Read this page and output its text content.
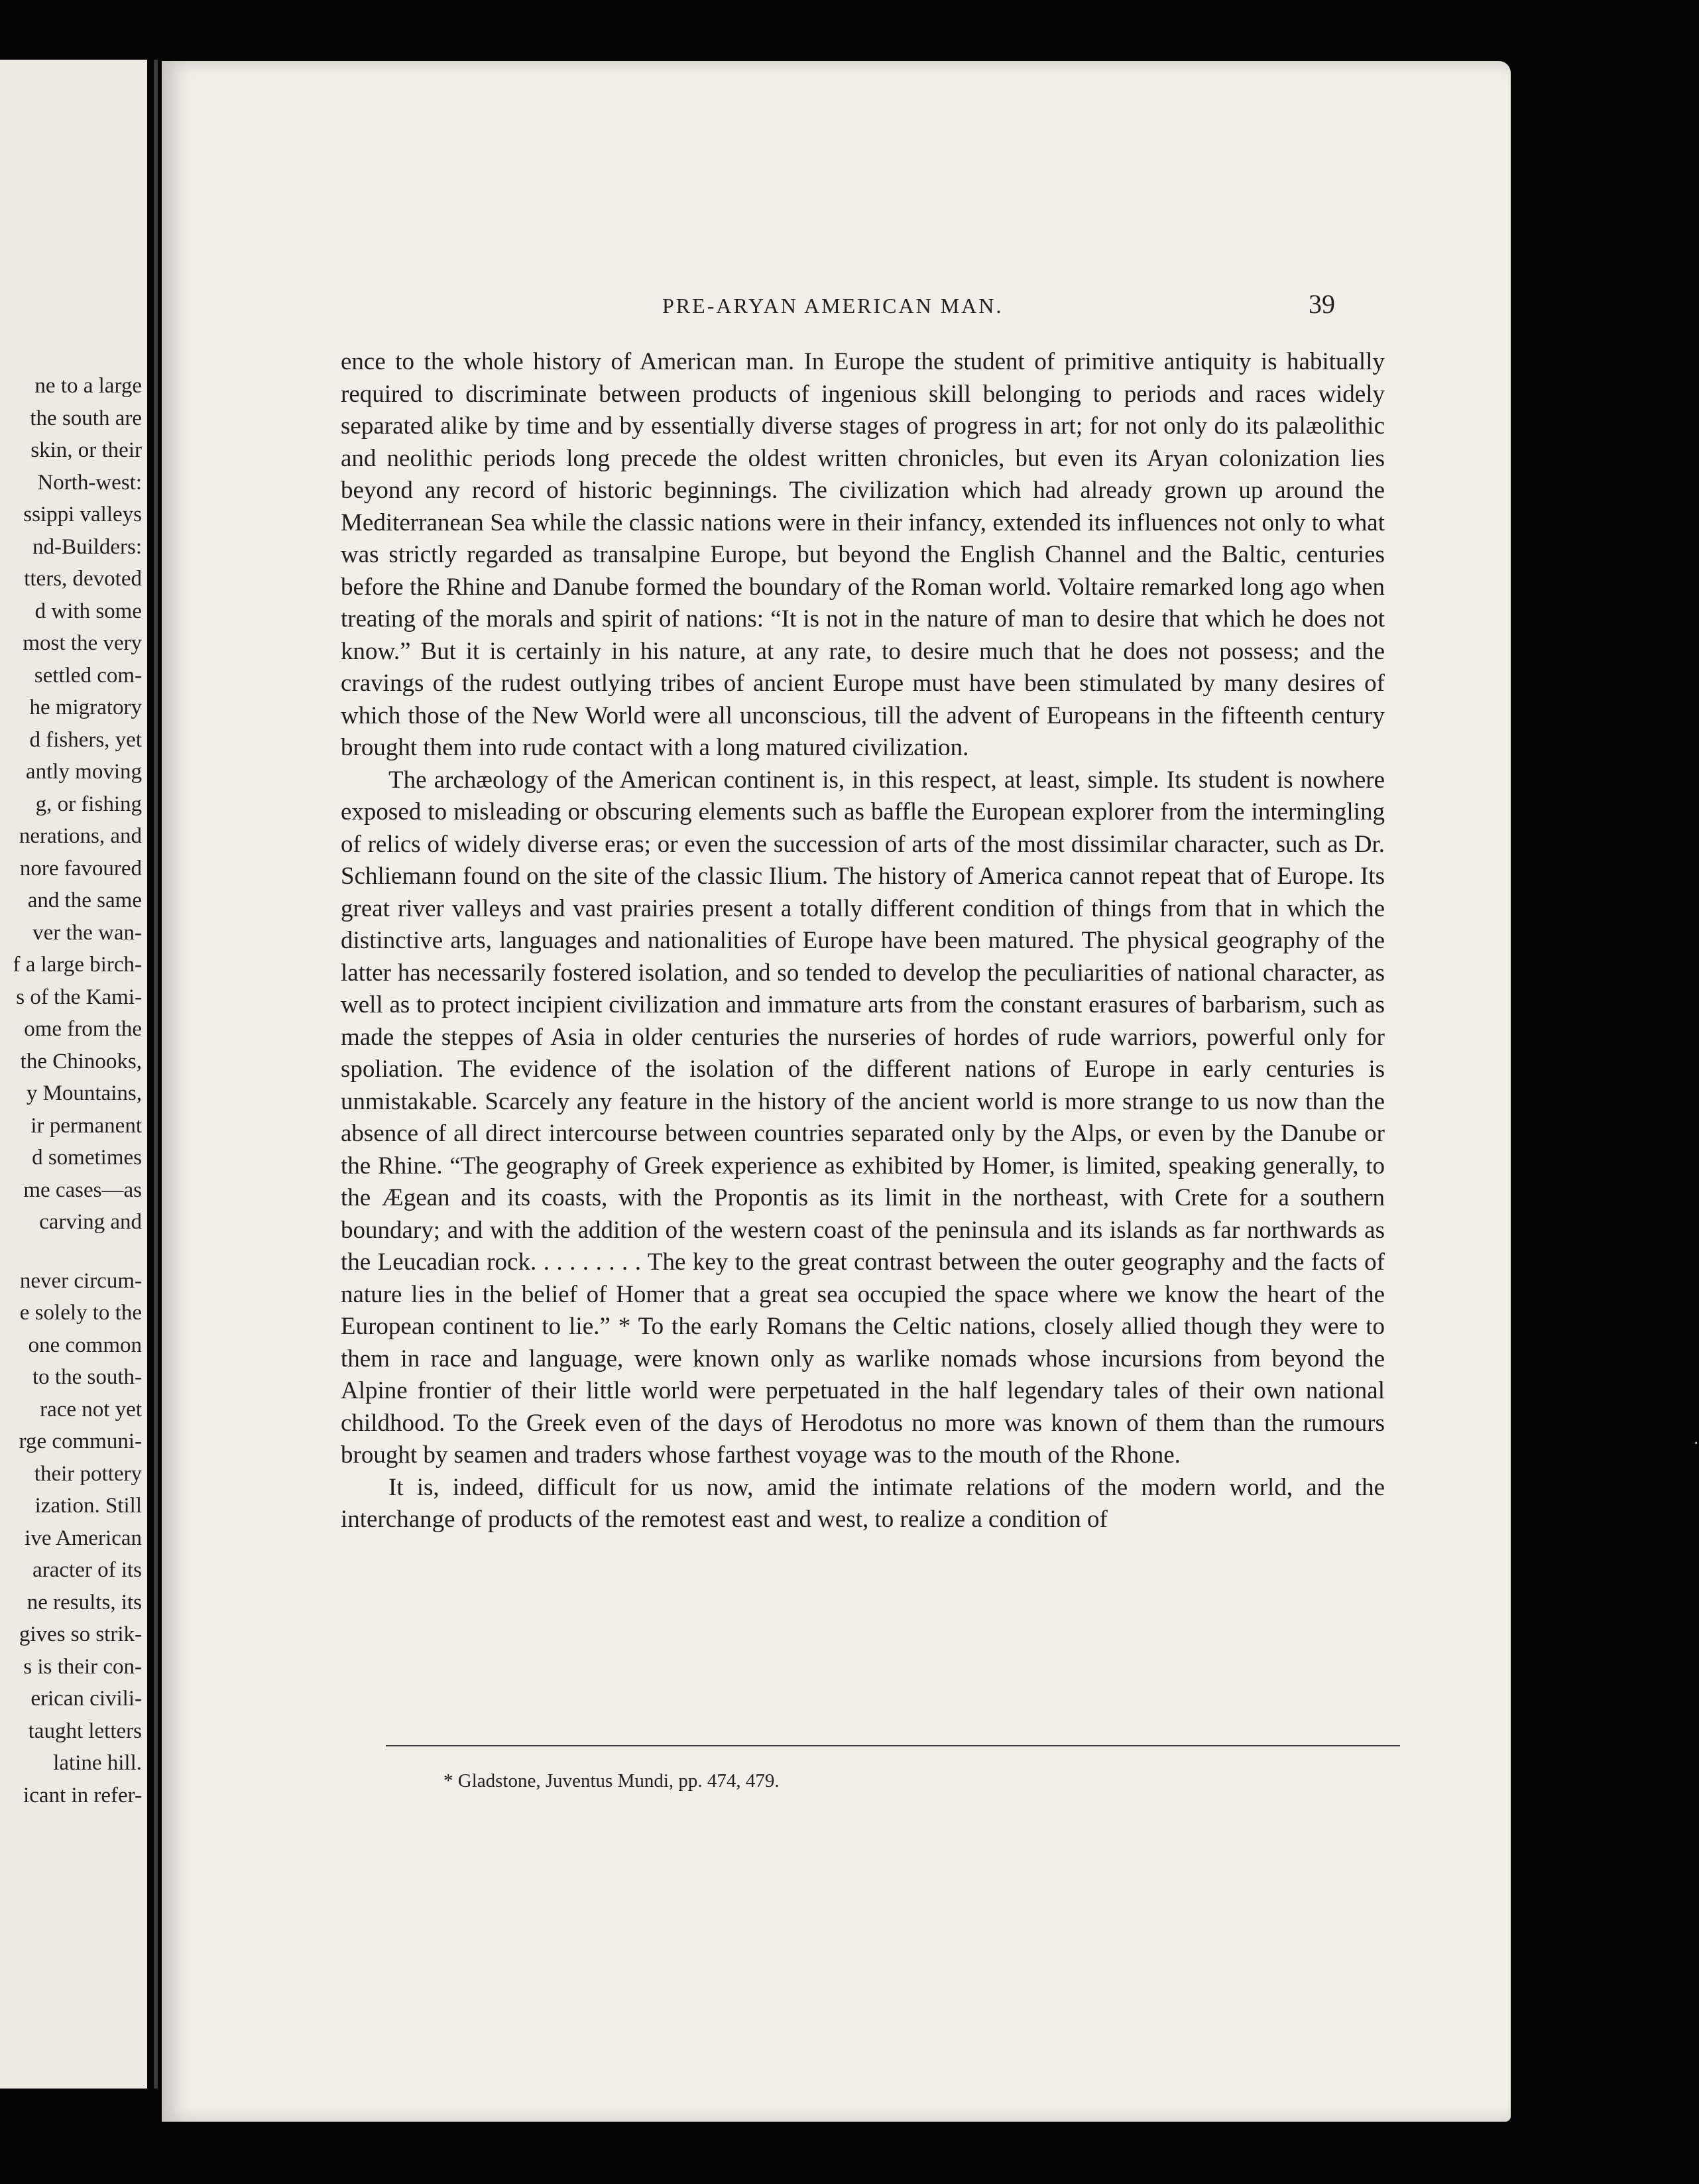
ne to a large
the south are
skin, or their
North-west:
ssippi valleys
nd-Builders:
tters, devoted
d with some
most the very
settled com-
he migratory
d fishers, yet
antly moving
g, or fishing
nerations, and
nore favoured
and the same
ver the wan-
f a large birch-
s of the Kami-
ome from the
the Chinooks,
y Mountains,
ir permanent
d sometimes
me cases—as
carving and
never circum-
e solely to the
one common
to the south-
race not yet
rge communi-
their pottery
ization. Still
ive American
aracter of its
ne results, its
gives so strik-
s is their con-
erican civili-
taught letters
latine hill.
icant in refer-
PRE-ARYAN AMERICAN MAN.	39

ence to the whole history of American man. In Europe the student of primitive antiquity is habitually required to discriminate between products of ingenious skill belonging to periods and races widely separated alike by time and by essentially diverse stages of progress in art; for not only do its palæolithic and neolithic periods long precede the oldest written chronicles, but even its Aryan colonization lies beyond any record of historic beginnings. The civilization which had already grown up around the Mediterranean Sea while the classic nations were in their infancy, extended its influences not only to what was strictly regarded as transalpine Europe, but beyond the English Channel and the Baltic, centuries before the Rhine and Danube formed the boundary of the Roman world. Voltaire remarked long ago when treating of the morals and spirit of nations: “It is not in the nature of man to desire that which he does not know.” But it is certainly in his nature, at any rate, to desire much that he does not possess; and the cravings of the rudest outlying tribes of ancient Europe must have been stimulated by many desires of which those of the New World were all unconscious, till the advent of Europeans in the fifteenth century brought them into rude contact with a long matured civilization.

The archæology of the American continent is, in this respect, at least, simple. Its student is nowhere exposed to misleading or obscuring elements such as baffle the European explorer from the intermingling of relics of widely diverse eras; or even the succession of arts of the most dissimilar character, such as Dr. Schliemann found on the site of the classic Ilium. The history of America cannot repeat that of Europe. Its great river valleys and vast prairies present a totally different condition of things from that in which the distinctive arts, languages and nationalities of Europe have been matured. The physical geography of the latter has necessarily fostered isolation, and so tended to develop the peculiarities of national character, as well as to protect incipient civilization and immature arts from the constant erasures of barbarism, such as made the steppes of Asia in older centuries the nurseries of hordes of rude warriors, powerful only for spoliation. The evidence of the isolation of the different nations of Europe in early centuries is unmistakable. Scarcely any feature in the history of the ancient world is more strange to us now than the absence of all direct intercourse between countries separated only by the Alps, or even by the Danube or the Rhine. “The geography of Greek experience as exhibited by Homer, is limited, speaking generally, to the Ægean and its coasts, with the Propontis as its limit in the northeast, with Crete for a southern boundary; and with the addition of the western coast of the peninsula and its islands as far northwards as the Leucadian rock. . . . . . . . . The key to the great contrast between the outer geography and the facts of nature lies in the belief of Homer that a great sea occupied the space where we know the heart of the European continent to lie.” * To the early Romans the Celtic nations, closely allied though they were to them in race and language, were known only as warlike nomads whose incursions from beyond the Alpine frontier of their little world were perpetuated in the half legendary tales of their own national childhood. To the Greek even of the days of Herodotus no more was known of them than the rumours brought by seamen and traders whose farthest voyage was to the mouth of the Rhone.

It is, indeed, difficult for us now, amid the intimate relations of the modern world, and the interchange of products of the remotest east and west, to realize a condition of

* Gladstone, Juventus Mundi, pp. 474, 479.
·
